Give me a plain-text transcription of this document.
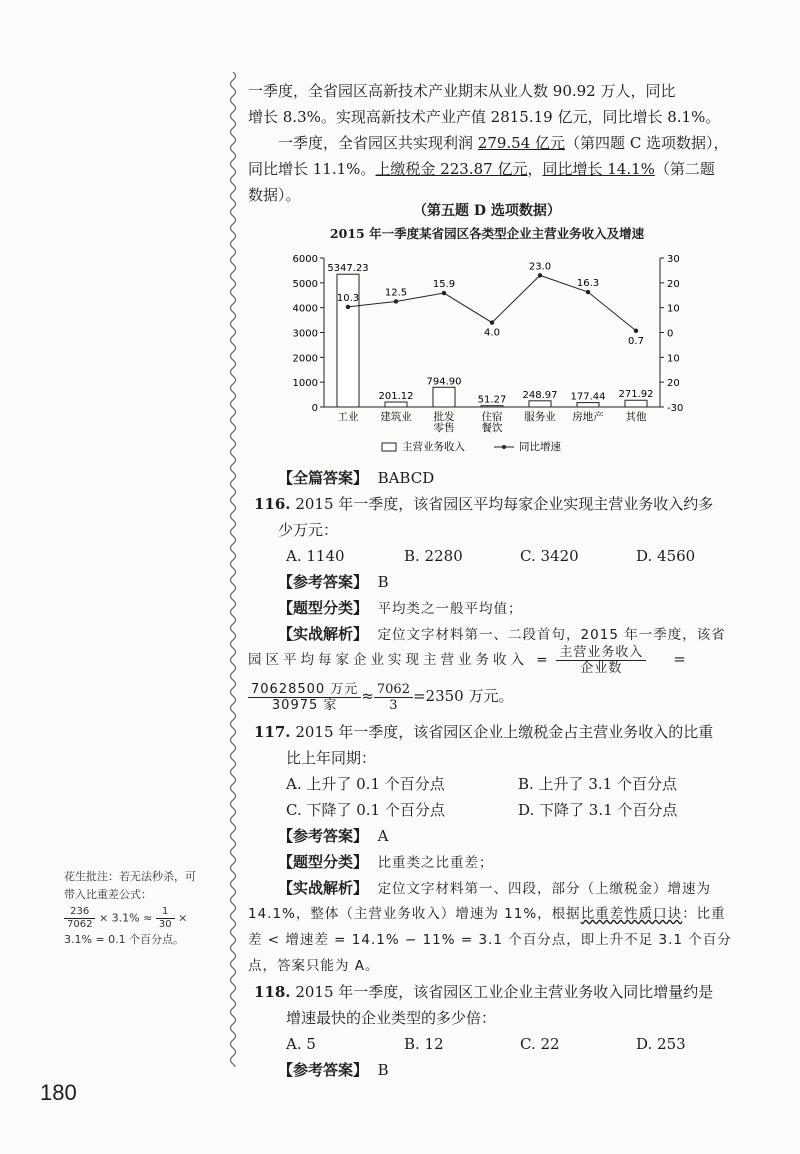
一季度，全省园区高新技术产业期末从业人数 90.92 万人，同比
增长 8.3%。实现高新技术产业产值 2815.19 亿元，同比增长 8.1%。
一季度，全省园区共实现利润 279.54 亿元（第四题 C 选项数据），
同比增长 11.1%。上缴税金 223.87 亿元，同比增长 14.1%（第二题
数据）。
（第五题 D 选项数据）
2015 年一季度某省园区各类型企业主营业务收入及增速
6000
5000
4000
3000
2000
1000
0
30
20
10
0
10
20
-30
5347.23
工业
201.12
建筑业
794.90
批发
零售
51.27
住宿
餐饮
248.97
服务业
177.44
房地产
271.92
其他
10.3	12.5
15.9
4.0
23.0
16.3
0.7
主营业务收入	同比增速
【全篇答案】 BABCD
116. 2015 年一季度，该省园区平均每家企业实现主营业务收入约多
少万元：
A. 1140	B. 2280	C. 3420	D. 4560
【参考答案】 B
【题型分类】 平均类之一般平均值；
【实战解析】 定位文字材料第一、二段首句，2015 年一季度，该省
园区平均每家企业实现主营业务收入 = $\frac{\text{主营业务收入}}{\text{企业数}}$ =
$\frac{\text{70628500 万元}}{\text{30975 家}} \approx \frac{7062}{3} =2350$ 万元。
117. 2015 年一季度，该省园区企业上缴税金占主营业务收入的比重
比上年同期：
A. 上升了 0.1 个百分点	B. 上升了 3.1 个百分点
C. 下降了 0.1 个百分点	D. 下降了 3.1 个百分点
【参考答案】 A
【题型分类】 比重类之比重差；
【实战解析】 定位文字材料第一、四段，部分（上缴税金）增速为
14.1%，整体（主营业务收入）增速为 11%，根据比重差性质口诀：比重
差 < 增速差 = 14.1% − 11% = 3.1 个百分点，即上升不足 3.1 个百分
点，答案只能为 A。
118. 2015 年一季度，该省园区工业企业主营业务收入同比增量约是
增速最快的企业类型的多少倍：
A. 5	B. 12	C. 22	D. 253
【参考答案】 B
花生批注：若无法秒杀，可
带入比重差公式：
$\frac{236}{7062} \times 3.1\% \approx \frac{1}{30}$ ×
3.1% = 0.1 个百分点。
180
